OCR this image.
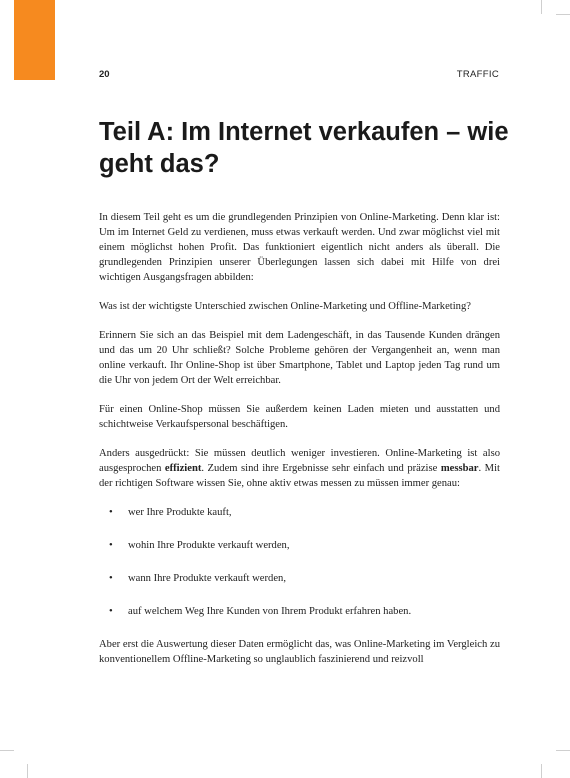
20	TRAFFIC
Teil A: Im Internet verkaufen – wie geht das?

In diesem Teil geht es um die grundlegenden Prinzipien von Online-Marketing. Denn klar ist: Um im Internet Geld zu verdienen, muss etwas verkauft werden. Und zwar möglichst viel mit einem möglichst hohen Profit. Das funktioniert eigentlich nicht anders als überall. Die grundlegenden Prinzipien unserer Überlegungen lassen sich dabei mit Hilfe von drei wichtigen Ausgangsfragen abbilden:

Was ist der wichtigste Unterschied zwischen Online-Marketing und Offline-Marketing?

Erinnern Sie sich an das Beispiel mit dem Ladengeschäft, in das Tausende Kunden drängen und das um 20 Uhr schließt? Solche Probleme gehören der Vergangenheit an, wenn man online verkauft. Ihr Online-Shop ist über Smartphone, Tablet und Laptop jeden Tag rund um die Uhr von jedem Ort der Welt erreichbar.

Für einen Online-Shop müssen Sie außerdem keinen Laden mieten und ausstatten und schichtweise Verkaufspersonal beschäftigen.

Anders ausgedrückt: Sie müssen deutlich weniger investieren. Online-Marketing ist also ausgesprochen effizient. Zudem sind ihre Ergebnisse sehr einfach und präzise messbar. Mit der richtigen Software wissen Sie, ohne aktiv etwas messen zu müssen immer genau:

• wer Ihre Produkte kauft,
• wohin Ihre Produkte verkauft werden,
• wann Ihre Produkte verkauft werden,
• auf welchem Weg Ihre Kunden von Ihrem Produkt erfahren haben.

Aber erst die Auswertung dieser Daten ermöglicht das, was Online-Marketing im Vergleich zu konventionellem Offline-Marketing so unglaublich faszinierend und reizvoll
